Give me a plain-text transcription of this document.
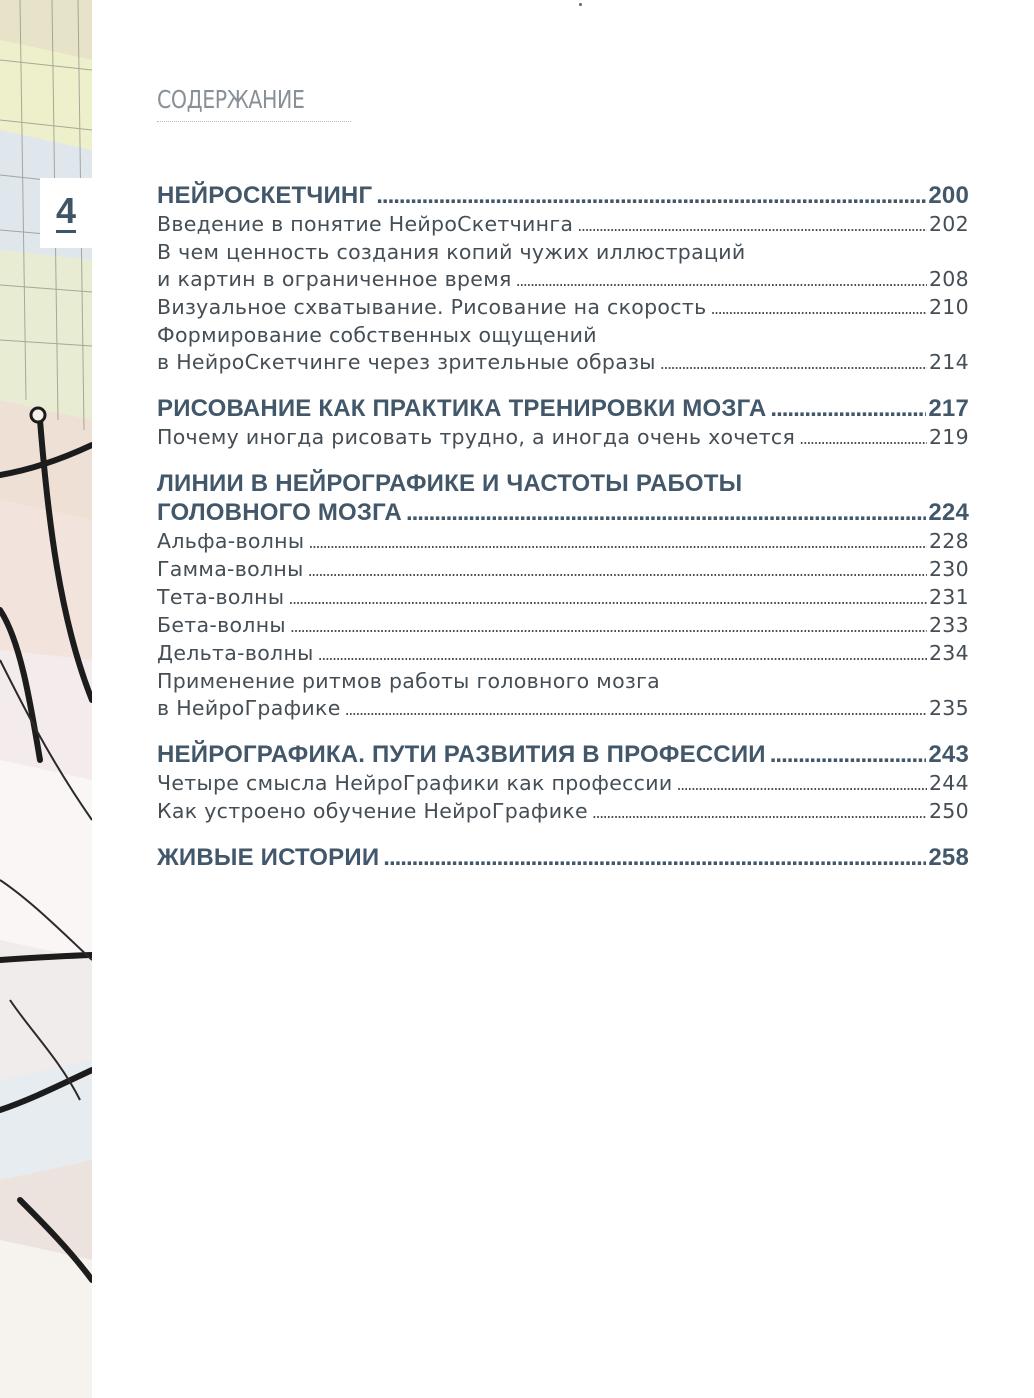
4
СОДЕРЖАНИЕ
НЕЙРОСКЕТЧИНГ .....	200
Введение в понятие НейроСкетчинга .....	202
В чем ценность создания копий чужих иллюстраций
и картин в ограниченное время .....	208
Визуальное схватывание. Рисование на скорость .....	210
Формирование собственных ощущений
в НейроСкетчинге через зрительные образы .....	214
РИСОВАНИЕ КАК ПРАКТИКА ТРЕНИРОВКИ МОЗГА .....	217
Почему иногда рисовать трудно, а иногда очень хочется .....	219
ЛИНИИ В НЕЙРОГРАФИКЕ И ЧАСТОТЫ РАБОТЫ
ГОЛОВНОГО МОЗГА .....	224
Альфа-волны .....	228
Гамма-волны .....	230
Тета-волны .....	231
Бета-волны .....	233
Дельта-волны .....	234
Применение ритмов работы головного мозга
в НейроГрафике .....	235
НЕЙРОГРАФИКА. ПУТИ РАЗВИТИЯ В ПРОФЕССИИ .....	243
Четыре смысла НейроГрафики как профессии .....	244
Как устроено обучение НейроГрафике .....	250
ЖИВЫЕ ИСТОРИИ .....	258
